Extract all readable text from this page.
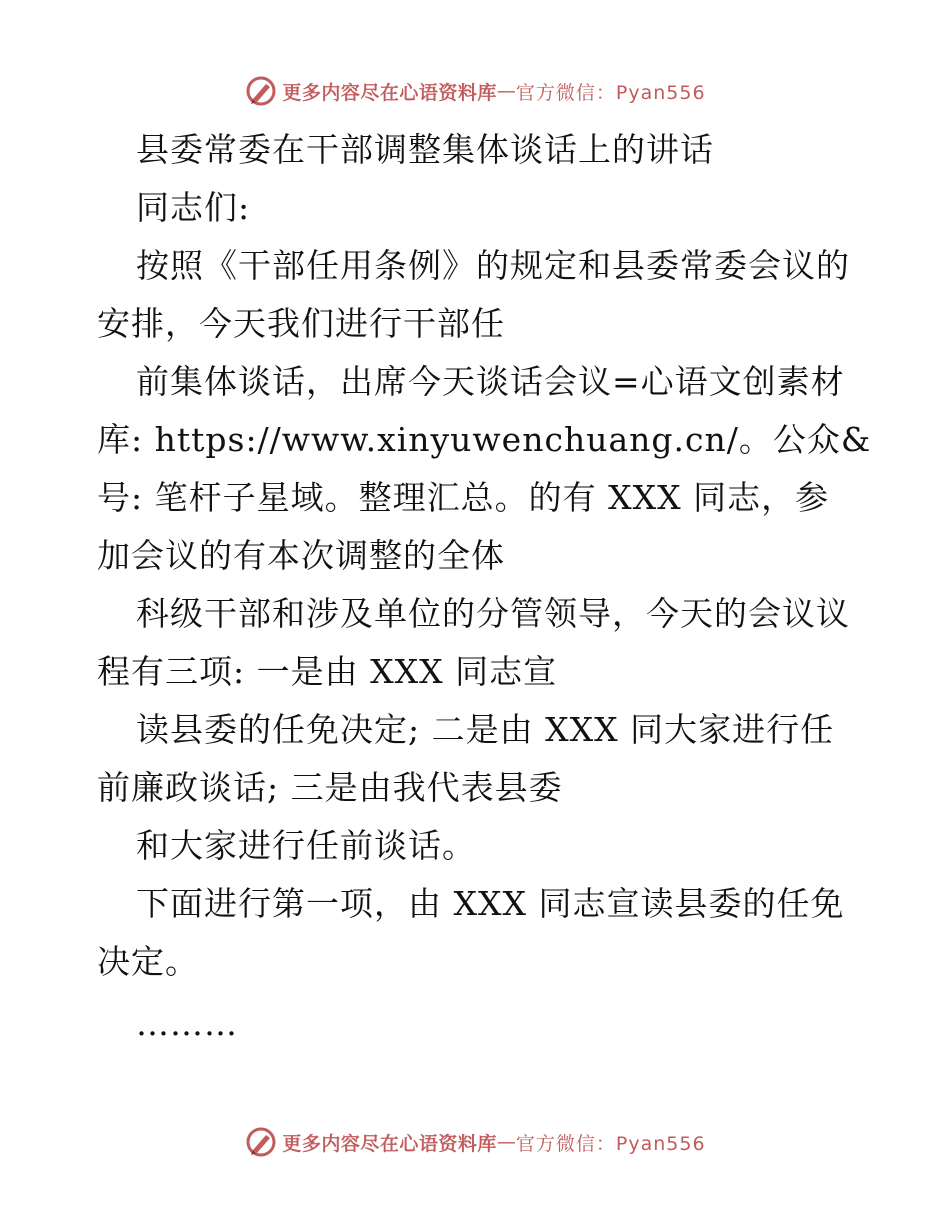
更多内容尽在心语资料库 — 官方微信：Pyan556
县委常委在干部调整集体谈话上的讲话
同志们:
按照《干部任用条例》的规定和县委常委会议的
安排，今天我们进行干部任
前集体谈话，出席今天谈话会议=心语文创素材
库: https://www.xinyuwenchuang.cn/。公众&
号: 笔杆子星域。整理汇总。的有 XXX 同志，参
加会议的有本次调整的全体
科级干部和涉及单位的分管领导，今天的会议议
程有三项: 一是由 XXX 同志宣
读县委的任免决定; 二是由 XXX 同大家进行任
前廉政谈话; 三是由我代表县委
和大家进行任前谈话。
下面进行第一项，由 XXX 同志宣读县委的任免
决定。
………
更多内容尽在心语资料库 — 官方微信：Pyan556
